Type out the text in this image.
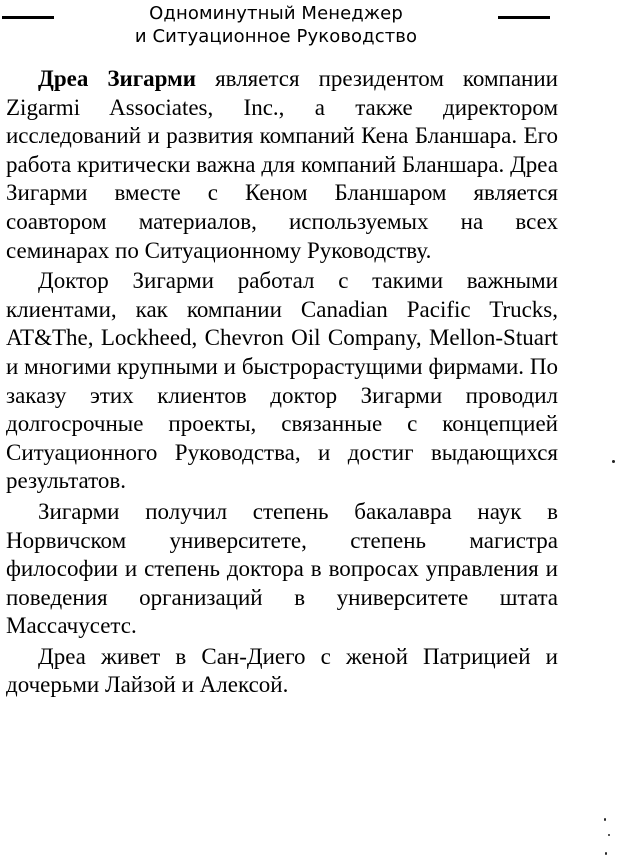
Одноминутный Менеджер
и Ситуационное Руководство

Дреа Зигарми является президентом компании Zigarmi Associates, Inc., а также директором исследований и развития компаний Кена Бланшара. Его работа критически важна для компаний Бланшара. Дреа Зигарми вместе с Кеном Бланшаром является соавтором материалов, используемых на всех семинарах по Ситуационному Руководству.

Доктор Зигарми работал с такими важными клиентами, как компании Canadian Pacific Trucks, AT&The, Lockheed, Chevron Oil Company, Mellon-Stuart и многими крупными и быстрорастущими фирмами. По заказу этих клиентов доктор Зигарми проводил долгосрочные проекты, связанные с концепцией Ситуационного Руководства, и достиг выдающихся результатов.

Зигарми получил степень бакалавра наук в Норвичском университете, степень магистра философии и степень доктора в вопросах управления и поведения организаций в университете штата Массачусетс.

Дреа живет в Сан-Диего с женой Патрицией и дочерьми Лайзой и Алексой.
